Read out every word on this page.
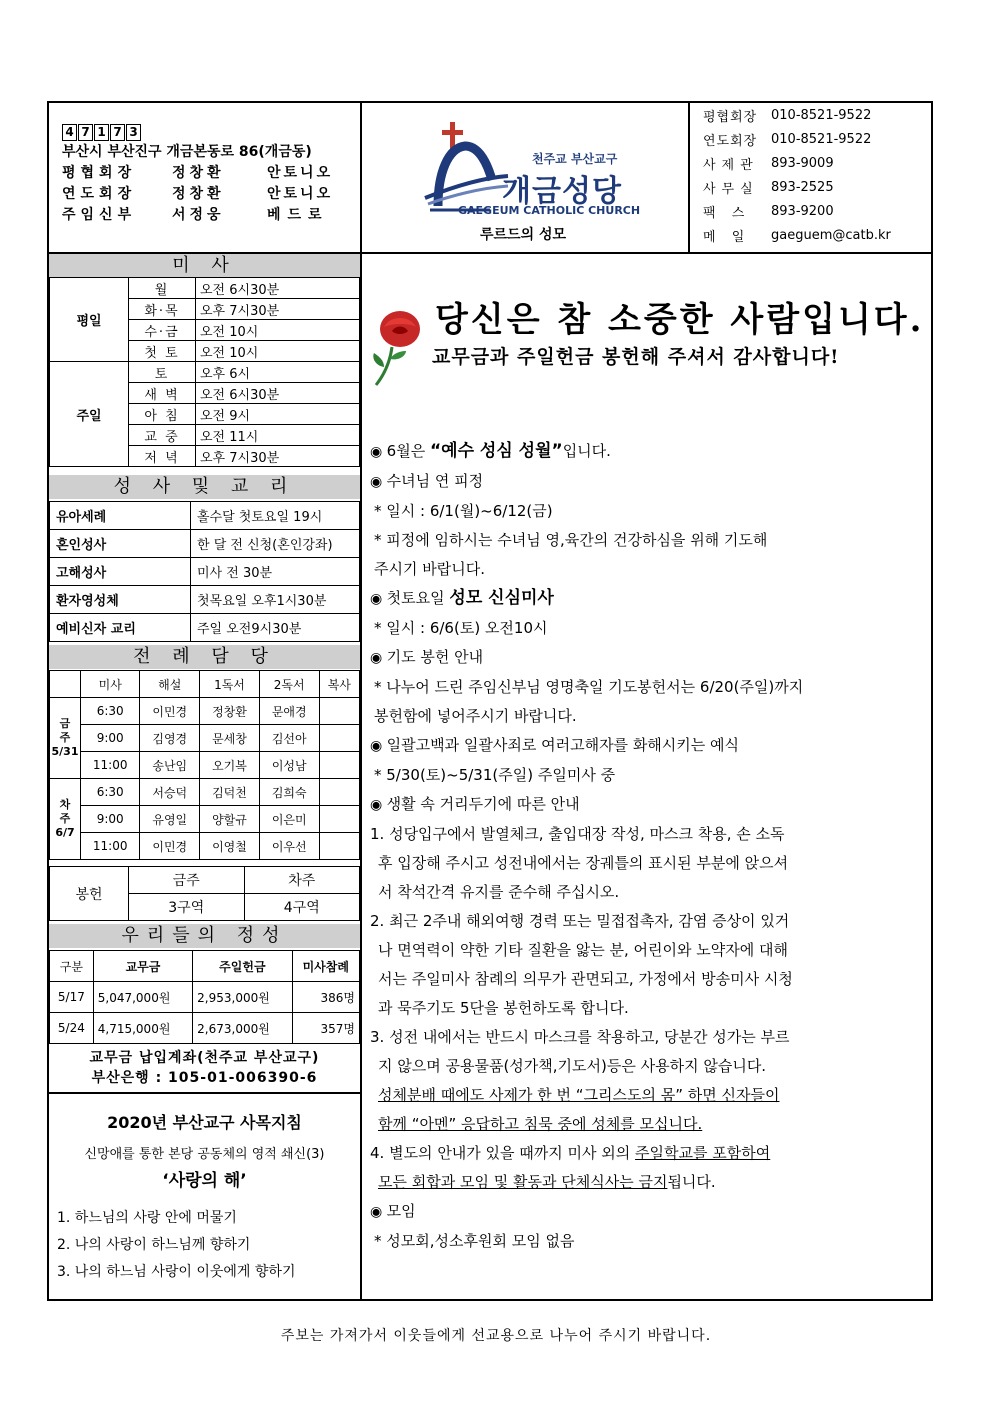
4 7 1 7 3
부산시 부산진구 개금본동로 86(개금동)
평협회장	정창환	안토니오
연도회장	정창환	안토니오
주임신부	서정웅	베드로
천주교 부산교구
개금성당
GAEGEUM CATHOLIC CHURCH
루르드의 성모
평협회장	010-8521-9522
연도회장	010-8521-9522
사제관 893-9009
사무실 893-2525
팩 스	893-9200
메 일	gaeguem@catb.kr
미 사
평일	월	오전 6시30분
	화·목	오후 7시30분
	수·금	오전 10시
	첫 토	오전 10시
주일	토	오후 6시
	새 벽	오전 6시30분
	아 침	오전 9시
	교 중	오전 11시
	저 녁	오후 7시30분
성 사 및 교 리
유아세례	홀수달 첫토요일 19시
혼인성사	한 달 전 신청(혼인강좌)
고해성사	미사 전 30분
환자영성체	첫목요일 오후1시30분
예비신자 교리	주일 오전9시30분
전 례 담 당
	미사	해설	1독서	2독서	복사
금
주
5/31	6:30	이민경	정창환	문애경	
	9:00	김영경	문세창	김선아	
	11:00	송난임	오기복	이성남	
차
주
6/7	6:30	서승덕	김덕천	김희숙	
	9:00	유영일	양할규	이은미	
	11:00	이민경	이영철	이우선	
봉헌	금주	차주
	3구역	4구역
우리들의 정성
구분	교무금	주일헌금	미사참례
5/17	5,047,000원	2,953,000원	386명
5/24	4,715,000원	2,673,000원	357명
교무금 납입계좌(천주교 부산교구)
부산은행 : 105-01-006390-6
2020년 부산교구 사목지침
신망애를 통한 본당 공동체의 영적 쇄신(3)
‘사랑의 해’
1. 하느님의 사랑 안에 머물기
2. 나의 사랑이 하느님께 향하기
3. 나의 하느님 사랑이 이웃에게 향하기
당신은 참 소중한 사람입니다.
교무금과 주일헌금 봉헌해 주셔서 감사합니다!
◉ 6월은 “예수 성심 성월”입니다.
◉ 수녀님 연 피정
* 일시 : 6/1(월)~6/12(금)
* 피정에 임하시는 수녀님 영,육간의 건강하심을 위해 기도해
주시기 바랍니다.
◉ 첫토요일 성모 신심미사
* 일시 : 6/6(토) 오전10시
◉ 기도 봉헌 안내
* 나누어 드린 주임신부님 영명축일 기도봉헌서는 6/20(주일)까지
봉헌함에 넣어주시기 바랍니다.
◉ 일괄고백과 일괄사죄로 여러고해자를 화해시키는 예식
* 5/30(토)~5/31(주일) 주일미사 중
◉ 생활 속 거리두기에 따른 안내
1. 성당입구에서 발열체크, 출입대장 작성, 마스크 착용, 손 소독
후 입장해 주시고 성전내에서는 장궤틀의 표시된 부분에 앉으셔
서 착석간격 유지를 준수해 주십시오.
2. 최근 2주내 해외여행 경력 또는 밀접접촉자, 감염 증상이 있거
나 면역력이 약한 기타 질환을 앓는 분, 어린이와 노약자에 대해
서는 주일미사 참례의 의무가 관면되고, 가정에서 방송미사 시청
과 묵주기도 5단을 봉헌하도록 합니다.
3. 성전 내에서는 반드시 마스크를 착용하고, 당분간 성가는 부르
지 않으며 공용물품(성가책,기도서)등은 사용하지 않습니다.
성체분배 때에도 사제가 한 번 “그리스도의 몸” 하면 신자들이
함께 “아멘” 응답하고 침묵 중에 성체를 모십니다.
4. 별도의 안내가 있을 때까지 미사 외의 주일학교를 포함하여
모든 회합과 모임 및 활동과 단체식사는 금지됩니다.
◉ 모임
* 성모회,성소후원회 모임 없음
주보는 가져가서 이웃들에게 선교용으로 나누어 주시기 바랍니다.
